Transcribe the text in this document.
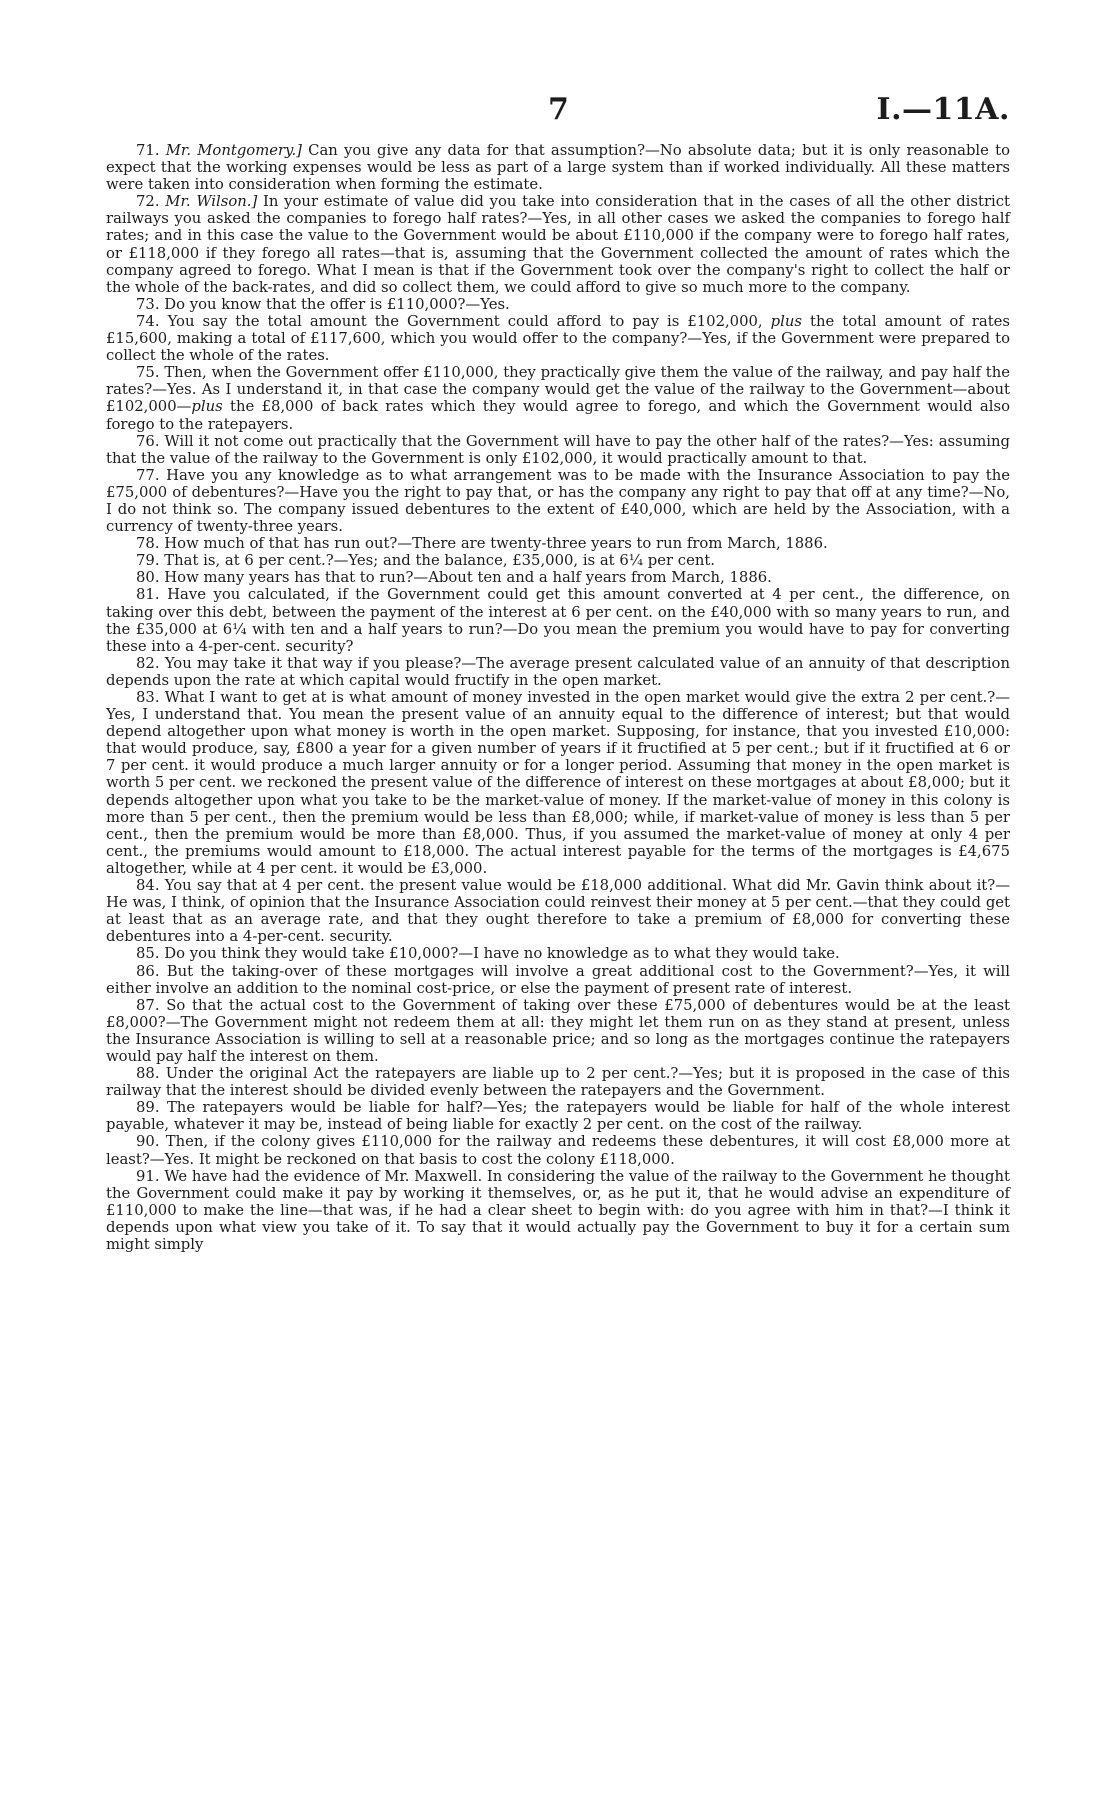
7	I.—11A.

71. Mr. Montgomery.] Can you give any data for that assumption?—No absolute data; but it is only reasonable to expect that the working expenses would be less as part of a large system than if worked individually. All these matters were taken into consideration when forming the estimate.

72. Mr. Wilson.] In your estimate of value did you take into consideration that in the cases of all the other district railways you asked the companies to forego half rates?—Yes, in all other cases we asked the companies to forego half rates; and in this case the value to the Government would be about £110,000 if the company were to forego half rates, or £118,000 if they forego all rates—that is, assuming that the Government collected the amount of rates which the company agreed to forego. What I mean is that if the Government took over the company's right to collect the half or the whole of the back-rates, and did so collect them, we could afford to give so much more to the company.

73. Do you know that the offer is £110,000?—Yes.

74. You say the total amount the Government could afford to pay is £102,000, plus the total amount of rates £15,600, making a total of £117,600, which you would offer to the company?—Yes, if the Government were prepared to collect the whole of the rates.

75. Then, when the Government offer £110,000, they practically give them the value of the railway, and pay half the rates?—Yes. As I understand it, in that case the company would get the value of the railway to the Government—about £102,000—plus the £8,000 of back rates which they would agree to forego, and which the Government would also forego to the ratepayers.

76. Will it not come out practically that the Government will have to pay the other half of the rates?—Yes: assuming that the value of the railway to the Government is only £102,000, it would practically amount to that.

77. Have you any knowledge as to what arrangement was to be made with the Insurance Association to pay the £75,000 of debentures?—Have you the right to pay that, or has the company any right to pay that off at any time?—No, I do not think so. The company issued debentures to the extent of £40,000, which are held by the Association, with a currency of twenty-three years.

78. How much of that has run out?—There are twenty-three years to run from March, 1886.

79. That is, at 6 per cent.?—Yes; and the balance, £35,000, is at 6¼ per cent.

80. How many years has that to run?—About ten and a half years from March, 1886.

81. Have you calculated, if the Government could get this amount converted at 4 per cent., the difference, on taking over this debt, between the payment of the interest at 6 per cent. on the £40,000 with so many years to run, and the £35,000 at 6¼ with ten and a half years to run?—Do you mean the premium you would have to pay for converting these into a 4-per-cent. security?

82. You may take it that way if you please?—The average present calculated value of an annuity of that description depends upon the rate at which capital would fructify in the open market.

83. What I want to get at is what amount of money invested in the open market would give the extra 2 per cent.?—Yes, I understand that. You mean the present value of an annuity equal to the difference of interest; but that would depend altogether upon what money is worth in the open market. Supposing, for instance, that you invested £10,000: that would produce, say, £800 a year for a given number of years if it fructified at 5 per cent.; but if it fructified at 6 or 7 per cent. it would produce a much larger annuity or for a longer period. Assuming that money in the open market is worth 5 per cent. we reckoned the present value of the difference of interest on these mortgages at about £8,000; but it depends altogether upon what you take to be the market-value of money. If the market-value of money in this colony is more than 5 per cent., then the premium would be less than £8,000; while, if market-value of money is less than 5 per cent., then the premium would be more than £8,000. Thus, if you assumed the market-value of money at only 4 per cent., the premiums would amount to £18,000. The actual interest payable for the terms of the mortgages is £4,675 altogether, while at 4 per cent. it would be £3,000.

84. You say that at 4 per cent. the present value would be £18,000 additional. What did Mr. Gavin think about it?—He was, I think, of opinion that the Insurance Association could reinvest their money at 5 per cent.—that they could get at least that as an average rate, and that they ought therefore to take a premium of £8,000 for converting these debentures into a 4-per-cent. security.

85. Do you think they would take £10,000?—I have no knowledge as to what they would take.

86. But the taking-over of these mortgages will involve a great additional cost to the Government?—Yes, it will either involve an addition to the nominal cost-price, or else the payment of present rate of interest.

87. So that the actual cost to the Government of taking over these £75,000 of debentures would be at the least £8,000?—The Government might not redeem them at all: they might let them run on as they stand at present, unless the Insurance Association is willing to sell at a reasonable price; and so long as the mortgages continue the ratepayers would pay half the interest on them.

88. Under the original Act the ratepayers are liable up to 2 per cent.?—Yes; but it is proposed in the case of this railway that the interest should be divided evenly between the ratepayers and the Government.

89. The ratepayers would be liable for half?—Yes; the ratepayers would be liable for half of the whole interest payable, whatever it may be, instead of being liable for exactly 2 per cent. on the cost of the railway.

90. Then, if the colony gives £110,000 for the railway and redeems these debentures, it will cost £8,000 more at least?—Yes. It might be reckoned on that basis to cost the colony £118,000.

91. We have had the evidence of Mr. Maxwell. In considering the value of the railway to the Government he thought the Government could make it pay by working it themselves, or, as he put it, that he would advise an expenditure of £110,000 to make the line—that was, if he had a clear sheet to begin with: do you agree with him in that?—I think it depends upon what view you take of it. To say that it would actually pay the Government to buy it for a certain sum might simply
